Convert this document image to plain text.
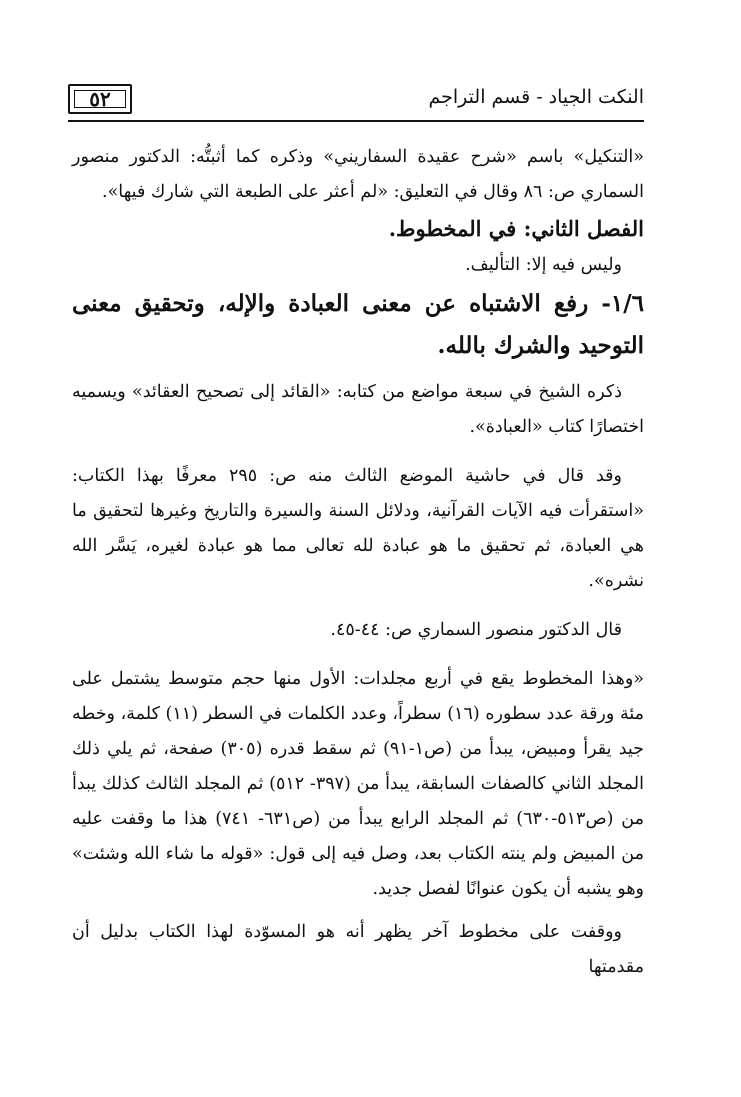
٥٢	النكت الجياد - قسم التراجم

«التنكيل» باسم «شرح عقيدة السفاريني» وذكره كما أثبتُّه: الدكتور منصور السماري ص: ٨٦ وقال في التعليق: «لم أعثر على الطبعة التي شارك فيها».

الفصل الثاني: في المخطوط.

وليس فيه إلا: التأليف.

١/٦- رفع الاشتباه عن معنى العبادة والإله، وتحقيق معنى التوحيد والشرك بالله.

ذكره الشيخ في سبعة مواضع من كتابه: «القائد إلى تصحيح العقائد» ويسميه اختصارًا كتاب «العبادة».

وقد قال في حاشية الموضع الثالث منه ص: ٢٩٥ معرفًا بهذا الكتاب: «استقرأت فيه الآيات القرآنية، ودلائل السنة والسيرة والتاريخ وغيرها لتحقيق ما هي العبادة، ثم تحقيق ما هو عبادة لله تعالى مما هو عبادة لغيره، يَسَّر الله نشره».

قال الدكتور منصور السماري ص: ٤٤-٤٥.

«وهذا المخطوط يقع في أربع مجلدات: الأول منها حجم متوسط يشتمل على مئة ورقة عدد سطوره (١٦) سطراً، وعدد الكلمات في السطر (١١) كلمة، وخطه جيد يقرأ ومبيض، يبدأ من (ص١-٩١) ثم سقط قدره (٣٠٥) صفحة، ثم يلي ذلك المجلد الثاني كالصفات السابقة، يبدأ من (٣٩٧- ٥١٢) ثم المجلد الثالث كذلك يبدأ من (ص٥١٣-٦٣٠) ثم المجلد الرابع يبدأ من (ص٦٣١- ٧٤١) هذا ما وقفت عليه من المبيض ولم ينته الكتاب بعد، وصل فيه إلى قول: «قوله ما شاء الله وشئت» وهو يشبه أن يكون عنوانًا لفصل جديد.

ووقفت على مخطوط آخر يظهر أنه هو المسوّدة لهذا الكتاب بدليل أن مقدمتها
